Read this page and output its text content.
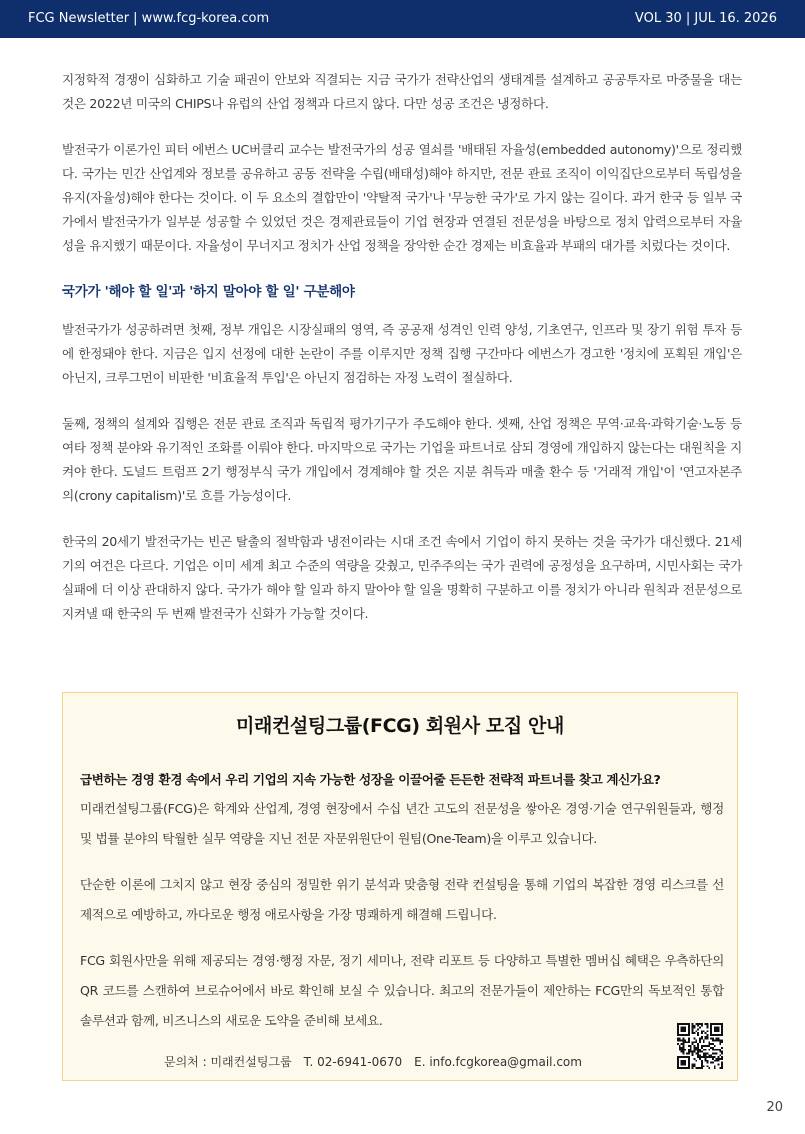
FCG Newsletter | www.fcg-korea.com	VOL 30 | JUL 16. 2026

지정학적 경쟁이 심화하고 기술 패권이 안보와 직결되는 지금 국가가 전략산업의 생태계를 설계하고 공공투자로 마중물을 대는 것은 2022년 미국의 CHIPS나 유럽의 산업 정책과 다르지 않다. 다만 성공 조건은 냉정하다.

발전국가 이론가인 피터 에번스 UC버클리 교수는 발전국가의 성공 열쇠를 '배태된 자율성(embedded autonomy)'으로 정리했다. 국가는 민간 산업계와 정보를 공유하고 공동 전략을 수립(배태성)해야 하지만, 전문 관료 조직이 이익집단으로부터 독립성을 유지(자율성)해야 한다는 것이다. 이 두 요소의 결합만이 '약탈적 국가'나 '무능한 국가'로 가지 않는 길이다. 과거 한국 등 일부 국가에서 발전국가가 일부분 성공할 수 있었던 것은 경제관료들이 기업 현장과 연결된 전문성을 바탕으로 정치 압력으로부터 자율성을 유지했기 때문이다. 자율성이 무너지고 정치가 산업 정책을 장악한 순간 경제는 비효율과 부패의 대가를 치렀다는 것이다.

국가가 '해야 할 일'과 '하지 말아야 할 일' 구분해야

발전국가가 성공하려면 첫째, 정부 개입은 시장실패의 영역, 즉 공공재 성격인 인력 양성, 기초연구, 인프라 및 장기 위험 투자 등에 한정돼야 한다. 지금은 입지 선정에 대한 논란이 주를 이루지만 정책 집행 구간마다 에번스가 경고한 '정치에 포획된 개입'은 아닌지, 크루그먼이 비판한 '비효율적 투입'은 아닌지 점검하는 자정 노력이 절실하다.

둘째, 정책의 설계와 집행은 전문 관료 조직과 독립적 평가기구가 주도해야 한다. 셋째, 산업 정책은 무역·교육·과학기술·노동 등 여타 정책 분야와 유기적인 조화를 이뤄야 한다. 마지막으로 국가는 기업을 파트너로 삼되 경영에 개입하지 않는다는 대원칙을 지켜야 한다. 도널드 트럼프 2기 행정부식 국가 개입에서 경계해야 할 것은 지분 취득과 매출 환수 등 '거래적 개입'이 '연고자본주의(crony capitalism)'로 흐를 가능성이다.

한국의 20세기 발전국가는 빈곤 탈출의 절박함과 냉전이라는 시대 조건 속에서 기업이 하지 못하는 것을 국가가 대신했다. 21세기의 여건은 다르다. 기업은 이미 세계 최고 수준의 역량을 갖췄고, 민주주의는 국가 권력에 공정성을 요구하며, 시민사회는 국가 실패에 더 이상 관대하지 않다. 국가가 해야 할 일과 하지 말아야 할 일을 명확히 구분하고 이를 정치가 아니라 원칙과 전문성으로 지켜낼 때 한국의 두 번째 발전국가 신화가 가능할 것이다.

미래컨설팅그룹(FCG) 회원사 모집 안내

급변하는 경영 환경 속에서 우리 기업의 지속 가능한 성장을 이끌어줄 든든한 전략적 파트너를 찾고 계신가요?

미래컨설팅그룹(FCG)은 학계와 산업계, 경영 현장에서 수십 년간 고도의 전문성을 쌓아온 경영·기술 연구위원들과, 행정 및 법률 분야의 탁월한 실무 역량을 지닌 전문 자문위원단이 원팀(One-Team)을 이루고 있습니다.

단순한 이론에 그치지 않고 현장 중심의 정밀한 위기 분석과 맞춤형 전략 컨설팅을 통해 기업의 복잡한 경영 리스크를 선제적으로 예방하고, 까다로운 행정 애로사항을 가장 명쾌하게 해결해 드립니다.

FCG 회원사만을 위해 제공되는 경영·행정 자문, 정기 세미나, 전략 리포트 등 다양하고 특별한 멤버십 혜택은 우측하단의 QR 코드를 스캔하여 브로슈어에서 바로 확인해 보실 수 있습니다. 최고의 전문가들이 제안하는 FCG만의 독보적인 통합 솔루션과 함께, 비즈니스의 새로운 도약을 준비해 보세요.

문의처 : 미래컨설팅그룹 T. 02-6941-0670 E. info.fcgkorea@gmail.com
20
